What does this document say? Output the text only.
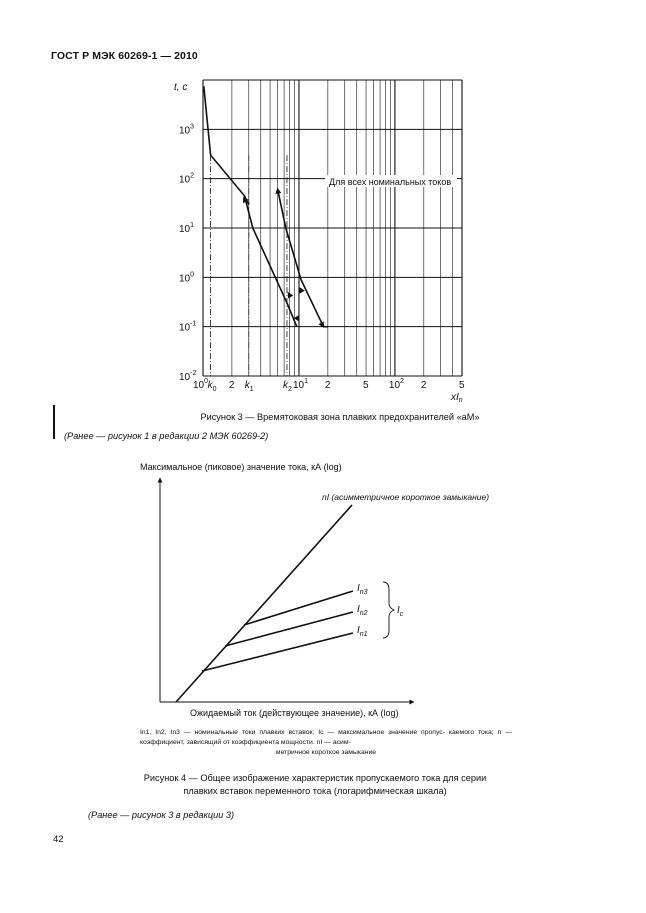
ГОСТ Р МЭК 60269-1 — 2010
$10^3$
$10^2$
$10^1$
$10^0$
$10^{-1}$
$10^{-2}$
$10^0$ $k_0$ 2 $k_1$	$k_2$ $10^1$ 2	5 $10^2$ 2	5
t, c
Для всех номинальных токов
$xI_n$
Рисунок 3 — Времятоковая зона плавких предохранителей «aM»
(Ранее — рисунок 1 в редакции 2 МЭК 60269-2)
Максимальное (пиковое) значение тока, кА (log)
nI (асимметричное короткое замыкание)
$I_{n3}$
$I_{n2}$
$I_{n1}$
$I_c$
Ожидаемый ток (действующее значение), кА (log)
In1, In2, In3 — номинальные токи плавких вставок; Ic — максимальное значение пропус- каемого тока; n — коэффициент, зависящий от коэффициента мощности. nI — асим-
метричное короткое замыкание
Рисунок 4 — Общее изображение характеристик пропускаемого тока для серии
плавких вставок переменного тока (логарифмическая шкала)
(Ранее — рисунок 3 в редакции 3)
42
